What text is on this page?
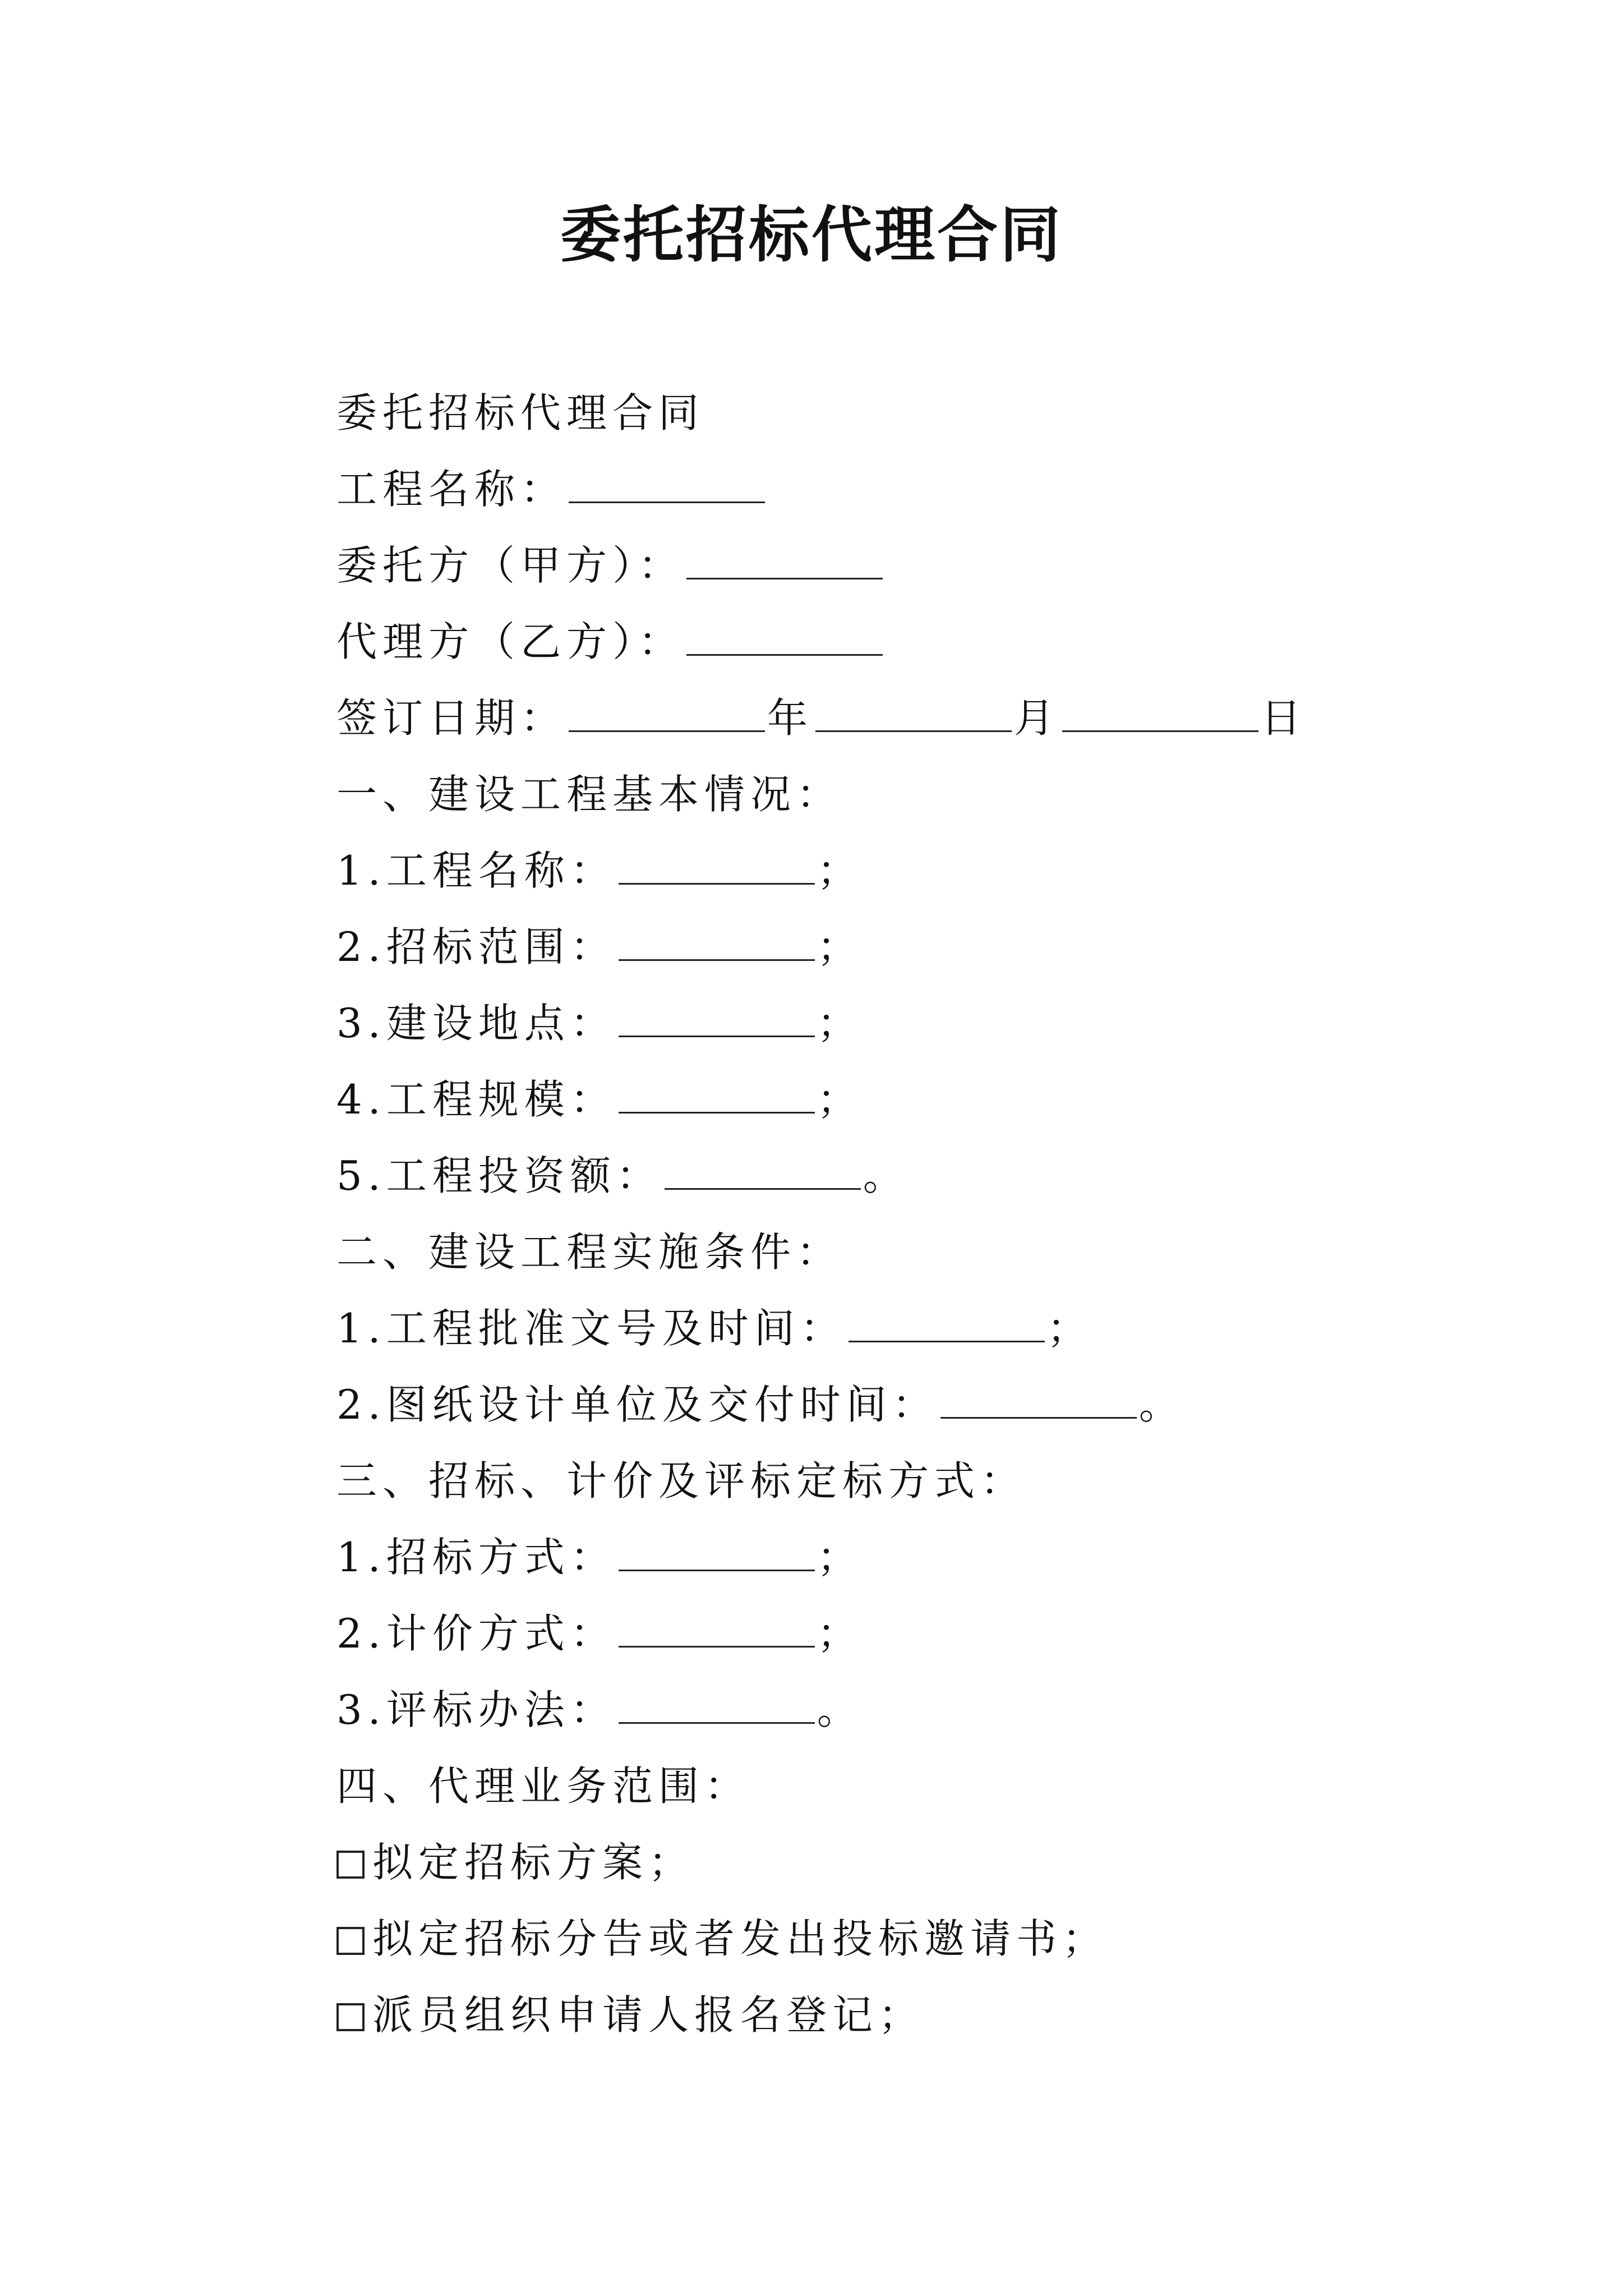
委托招标代理合同
委托招标代理合同
工程名称：
委托方（甲方）：
代理方（乙方）：
签订日期：	年	月	日
一、建设工程基本情况：
1.工程名称：	；
2.招标范围：	；
3.建设地点：	；
4.工程规模：	；
5.工程投资额：	。
二、建设工程实施条件：
1.工程批准文号及时间：	；
2.图纸设计单位及交付时间：	。
三、招标、计价及评标定标方式：
1.招标方式：	；
2.计价方式：	；
3.评标办法：	。
四、代理业务范围：
拟定招标方案；
拟定招标分告或者发出投标邀请书；
派员组织申请人报名登记；
